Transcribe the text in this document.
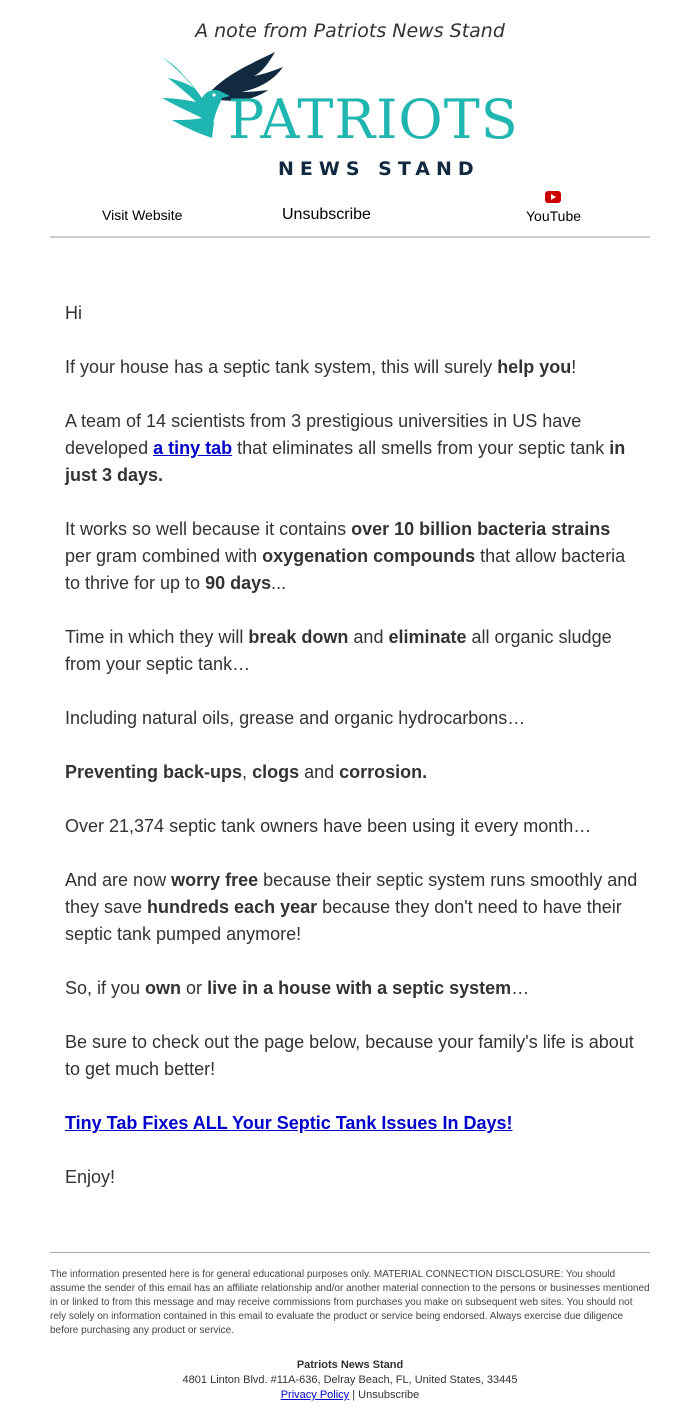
A note from Patriots News Stand
PATRIOTS
NEWS STAND
Visit Website	Unsubscribe	YouTube

Hi

If your house has a septic tank system, this will surely help you!

A team of 14 scientists from 3 prestigious universities in US have developed a tiny tab that eliminates all smells from your septic tank in just 3 days.

It works so well because it contains over 10 billion bacteria strains per gram combined with oxygenation compounds that allow bacteria to thrive for up to 90 days...

Time in which they will break down and eliminate all organic sludge from your septic tank…

Including natural oils, grease and organic hydrocarbons…

Preventing back-ups, clogs and corrosion.

Over 21,374 septic tank owners have been using it every month…

And are now worry free because their septic system runs smoothly and they save hundreds each year because they don't need to have their septic tank pumped anymore!

So, if you own or live in a house with a septic system…

Be sure to check out the page below, because your family's life is about to get much better!

Tiny Tab Fixes ALL Your Septic Tank Issues In Days!

Enjoy!

The information presented here is for general educational purposes only. MATERIAL CONNECTION DISCLOSURE: You should assume the sender of this email has an affiliate relationship and/or another material connection to the persons or businesses mentioned in or linked to from this message and may receive commissions from purchases you make on subsequent web sites. You should not rely solely on information contained in this email to evaluate the product or service being endorsed. Always exercise due diligence before purchasing any product or service.
Patriots News Stand
4801 Linton Blvd. #11A-636, Delray Beach, FL, United States, 33445
Privacy Policy | Unsubscribe
